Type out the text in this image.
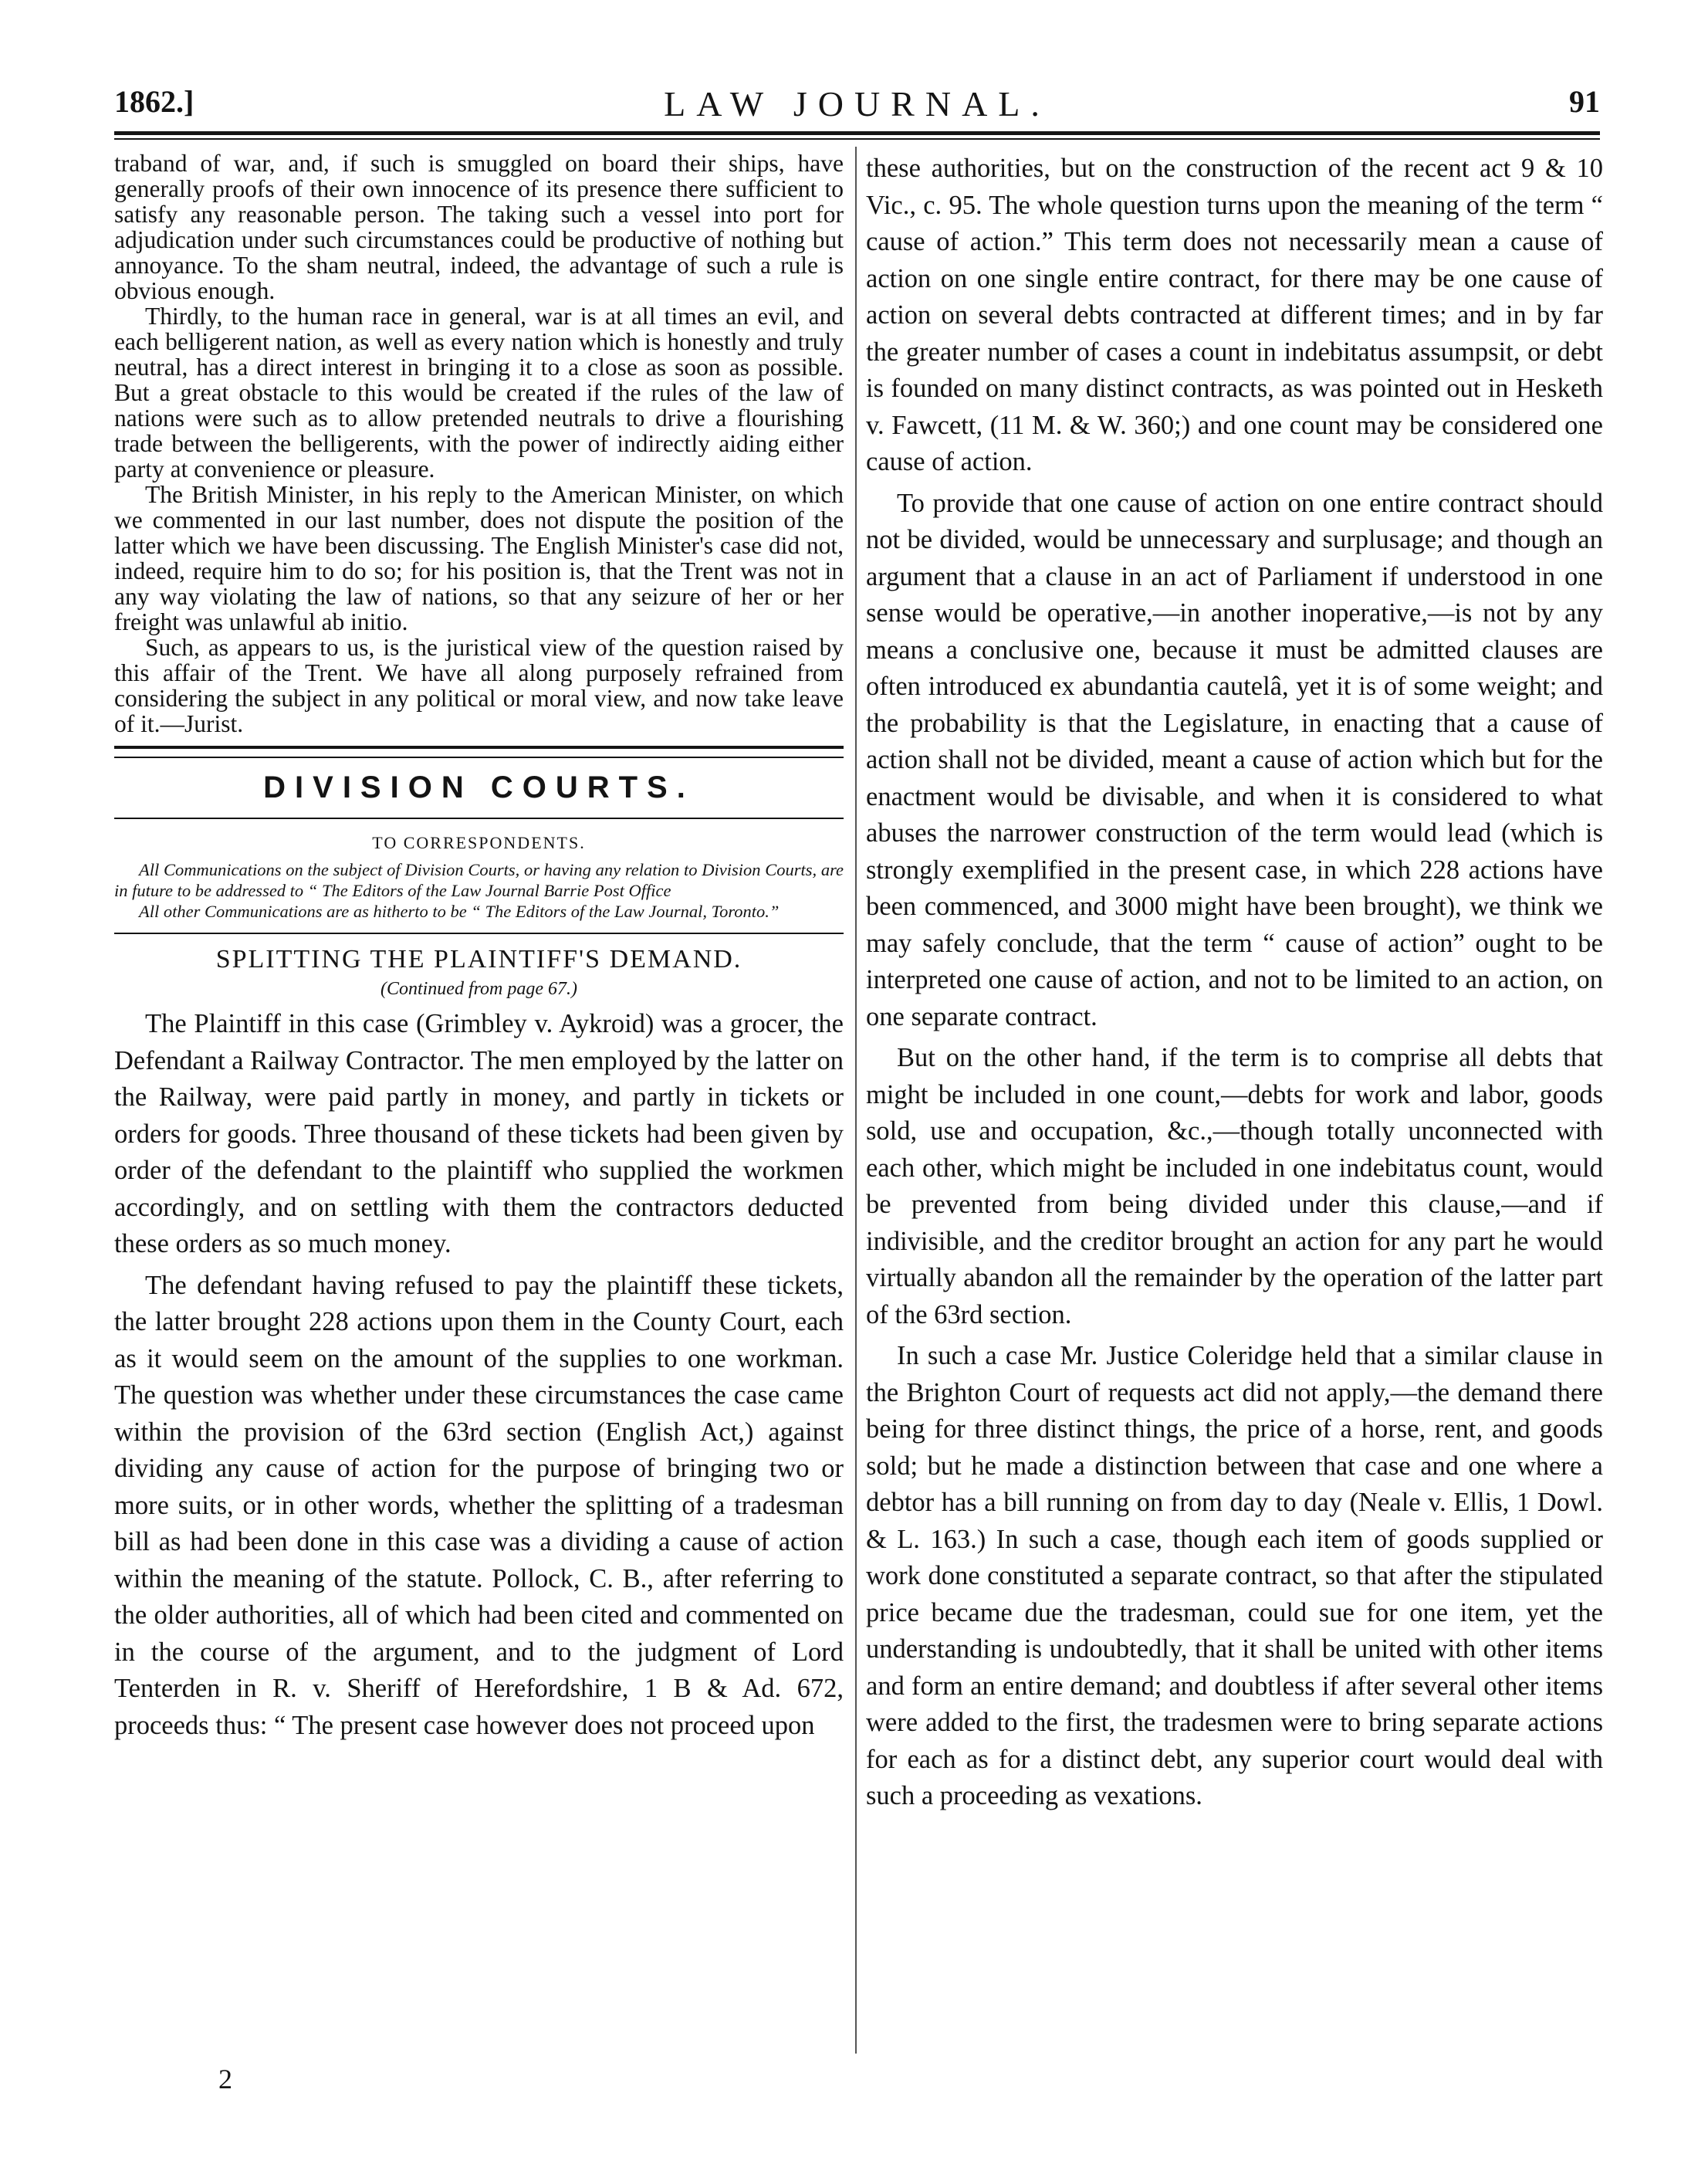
1862.]	LAW JOURNAL.	91

traband of war, and, if such is smuggled on board their ships, have generally proofs of their own innocence of its presence there sufficient to satisfy any reasonable person. The taking such a vessel into port for adjudication under such circumstances could be productive of nothing but annoyance. To the sham neutral, indeed, the advantage of such a rule is obvious enough.

Thirdly, to the human race in general, war is at all times an evil, and each belligerent nation, as well as every nation which is honestly and truly neutral, has a direct interest in bringing it to a close as soon as possible. But a great obstacle to this would be created if the rules of the law of nations were such as to allow pretended neutrals to drive a flourishing trade between the belligerents, with the power of indirectly aiding either party at convenience or pleasure.

The British Minister, in his reply to the American Minister, on which we commented in our last number, does not dispute the position of the latter which we have been discussing. The English Minister's case did not, indeed, require him to do so; for his position is, that the Trent was not in any way violating the law of nations, so that any seizure of her or her freight was unlawful ab initio.

Such, as appears to us, is the juristical view of the question raised by this affair of the Trent. We have all along purposely refrained from considering the subject in any political or moral view, and now take leave of it.—Jurist.

DIVISION COURTS.
TO CORRESPONDENTS.

All Communications on the subject of Division Courts, or having any relation to Division Courts, are in future to be addressed to “ The Editors of the Law Journal Barrie Post Office

All other Communications are as hitherto to be “ The Editors of the Law Journal, Toronto.”

SPLITTING THE PLAINTIFF'S DEMAND.
(Continued from page 67.)

The Plaintiff in this case (Grimbley v. Aykroid) was a grocer, the Defendant a Railway Contractor. The men employed by the latter on the Railway, were paid partly in money, and partly in tickets or orders for goods. Three thousand of these tickets had been given by order of the defendant to the plaintiff who supplied the workmen accordingly, and on settling with them the contractors deducted these orders as so much money.

The defendant having refused to pay the plaintiff these tickets, the latter brought 228 actions upon them in the County Court, each as it would seem on the amount of the supplies to one workman. The question was whether under these circumstances the case came within the provision of the 63rd section (English Act,) against dividing any cause of action for the purpose of bringing two or more suits, or in other words, whether the splitting of a tradesman bill as had been done in this case was a dividing a cause of action within the meaning of the statute. Pollock, C. B., after referring to the older authorities, all of which had been cited and commented on in the course of the argument, and to the judgment of Lord Tenterden in R. v. Sheriff of Herefordshire, 1 B & Ad. 672, proceeds thus: “ The present case however does not proceed upon

these authorities, but on the construction of the recent act 9 & 10 Vic., c. 95. The whole question turns upon the meaning of the term “ cause of action.” This term does not necessarily mean a cause of action on one single entire contract, for there may be one cause of action on several debts contracted at different times; and in by far the greater number of cases a count in indebitatus assumpsit, or debt is founded on many distinct contracts, as was pointed out in Hesketh v. Fawcett, (11 M. & W. 360;) and one count may be considered one cause of action.

To provide that one cause of action on one entire contract should not be divided, would be unnecessary and surplusage; and though an argument that a clause in an act of Parliament if understood in one sense would be operative,—in another inoperative,—is not by any means a conclusive one, because it must be admitted clauses are often introduced ex abundantia cautelâ, yet it is of some weight; and the probability is that the Legislature, in enacting that a cause of action shall not be divided, meant a cause of action which but for the enactment would be divisable, and when it is considered to what abuses the narrower construction of the term would lead (which is strongly exemplified in the present case, in which 228 actions have been commenced, and 3000 might have been brought), we think we may safely conclude, that the term “ cause of action” ought to be interpreted one cause of action, and not to be limited to an action, on one separate contract.

But on the other hand, if the term is to comprise all debts that might be included in one count,—debts for work and labor, goods sold, use and occupation, &c.,—though totally unconnected with each other, which might be included in one indebitatus count, would be prevented from being divided under this clause,—and if indivisible, and the creditor brought an action for any part he would virtually abandon all the remainder by the operation of the latter part of the 63rd section.

In such a case Mr. Justice Coleridge held that a similar clause in the Brighton Court of requests act did not apply,—the demand there being for three distinct things, the price of a horse, rent, and goods sold; but he made a distinction between that case and one where a debtor has a bill running on from day to day (Neale v. Ellis, 1 Dowl. & L. 163.) In such a case, though each item of goods supplied or work done constituted a separate contract, so that after the stipulated price became due the tradesman, could sue for one item, yet the understanding is undoubtedly, that it shall be united with other items and form an entire demand; and doubtless if after several other items were added to the first, the tradesmen were to bring separate actions for each as for a distinct debt, any superior court would deal with such a proceeding as vexations.

2
